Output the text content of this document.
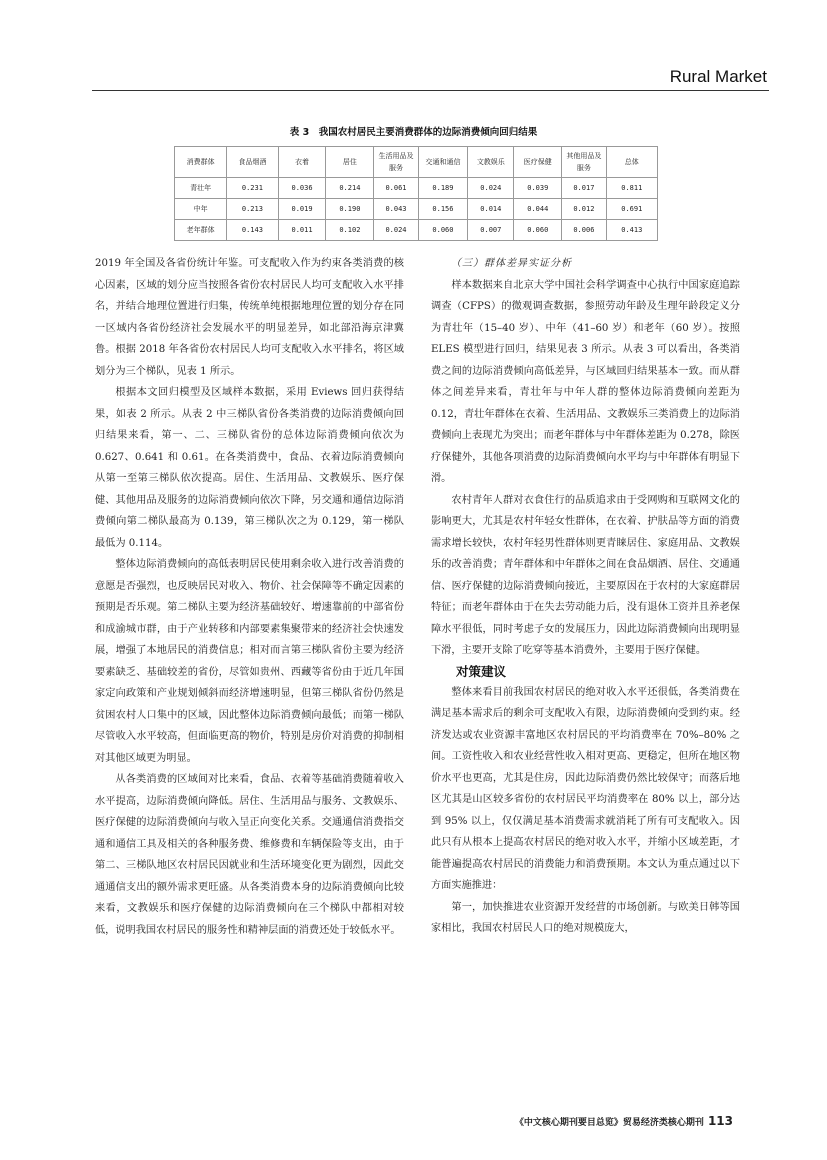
Rural Market
表 3　我国农村居民主要消费群体的边际消费倾向回归结果
消费群体	食品烟酒	衣着	居住	生活用品及服务	交通和通信	文教娱乐	医疗保健	其他用品及服务	总体
青壮年	0.231	0.036	0.214	0.061	0.189	0.024	0.039	0.017	0.811
中年	0.213	0.019	0.190	0.043	0.156	0.014	0.044	0.012	0.691
老年群体	0.143	0.011	0.102	0.024	0.060	0.007	0.060	0.006	0.413

2019 年全国及各省份统计年鉴。可支配收入作为约束各类消费的核心因素，区域的划分应当按照各省份农村居民人均可支配收入水平排名，并结合地理位置进行归集，传统单纯根据地理位置的划分存在同一区域内各省份经济社会发展水平的明显差异，如北部沿海京津冀鲁。根据 2018 年各省份农村居民人均可支配收入水平排名，将区域划分为三个梯队，见表 1 所示。

根据本文回归模型及区域样本数据，采用 Eviews 回归获得结果，如表 2 所示。从表 2 中三梯队省份各类消费的边际消费倾向回归结果来看，第一、二、三梯队省份的总体边际消费倾向依次为 0.627、0.641 和 0.61。在各类消费中，食品、衣着边际消费倾向从第一至第三梯队依次提高。居住、生活用品、文教娱乐、医疗保健、其他用品及服务的边际消费倾向依次下降，另交通和通信边际消费倾向第二梯队最高为 0.139，第三梯队次之为 0.129，第一梯队最低为 0.114。

整体边际消费倾向的高低表明居民使用剩余收入进行改善消费的意愿是否强烈，也反映居民对收入、物价、社会保障等不确定因素的预期是否乐观。第二梯队主要为经济基础较好、增速靠前的中部省份和成渝城市群，由于产业转移和内部要素集聚带来的经济社会快速发展，增强了本地居民的消费信息；相对而言第三梯队省份主要为经济要素缺乏、基础较差的省份，尽管如贵州、西藏等省份由于近几年国家定向政策和产业规划倾斜而经济增速明显，但第三梯队省份仍然是贫困农村人口集中的区域，因此整体边际消费倾向最低；而第一梯队尽管收入水平较高，但面临更高的物价，特别是房价对消费的抑制相对其他区域更为明显。

从各类消费的区域间对比来看，食品、衣着等基础消费随着收入水平提高，边际消费倾向降低。居住、生活用品与服务、文教娱乐、医疗保健的边际消费倾向与收入呈正向变化关系。交通通信消费指交通和通信工具及相关的各种服务费、维修费和车辆保险等支出，由于第二、三梯队地区农村居民因就业和生活环境变化更为剧烈，因此交通通信支出的额外需求更旺盛。从各类消费本身的边际消费倾向比较来看，文教娱乐和医疗保健的边际消费倾向在三个梯队中都相对较低，说明我国农村居民的服务性和精神层面的消费还处于较低水平。

（三）群体差异实证分析

样本数据来自北京大学中国社会科学调查中心执行中国家庭追踪调查（CFPS）的微观调查数据，参照劳动年龄及生理年龄段定义分为青壮年（15–40 岁）、中年（41–60 岁）和老年（60 岁）。按照 ELES 模型进行回归，结果见表 3 所示。从表 3 可以看出，各类消费之间的边际消费倾向高低差异，与区域回归结果基本一致。而从群体之间差异来看，青壮年与中年人群的整体边际消费倾向差距为 0.12，青壮年群体在衣着、生活用品、文教娱乐三类消费上的边际消费倾向上表现尤为突出；而老年群体与中年群体差距为 0.278，除医疗保健外，其他各项消费的边际消费倾向水平均与中年群体有明显下滑。

农村青年人群对衣食住行的品质追求由于受网购和互联网文化的影响更大，尤其是农村年轻女性群体，在衣着、护肤品等方面的消费需求增长较快，农村年轻男性群体则更青睐居住、家庭用品、文教娱乐的改善消费；青年群体和中年群体之间在食品烟酒、居住、交通通信、医疗保健的边际消费倾向接近，主要原因在于农村的大家庭群居特征；而老年群体由于在失去劳动能力后，没有退休工资并且养老保障水平很低，同时考虑子女的发展压力，因此边际消费倾向出现明显下滑，主要开支除了吃穿等基本消费外，主要用于医疗保健。

对策建议

整体来看目前我国农村居民的绝对收入水平还很低，各类消费在满足基本需求后的剩余可支配收入有限，边际消费倾向受到约束。经济发达或农业资源丰富地区农村居民的平均消费率在 70%–80% 之间。工资性收入和农业经营性收入相对更高、更稳定，但所在地区物价水平也更高，尤其是住房，因此边际消费仍然比较保守；而落后地区尤其是山区较多省份的农村居民平均消费率在 80% 以上，部分达到 95% 以上，仅仅满足基本消费需求就消耗了所有可支配收入。因此只有从根本上提高农村居民的绝对收入水平，并缩小区域差距，才能普遍提高农村居民的消费能力和消费预期。本文认为重点通过以下方面实施推进：

第一，加快推进农业资源开发经营的市场创新。与欧美日韩等国家相比，我国农村居民人口的绝对规模庞大，

《中文核心期刊要目总览》贸易经济类核心期刊 113
